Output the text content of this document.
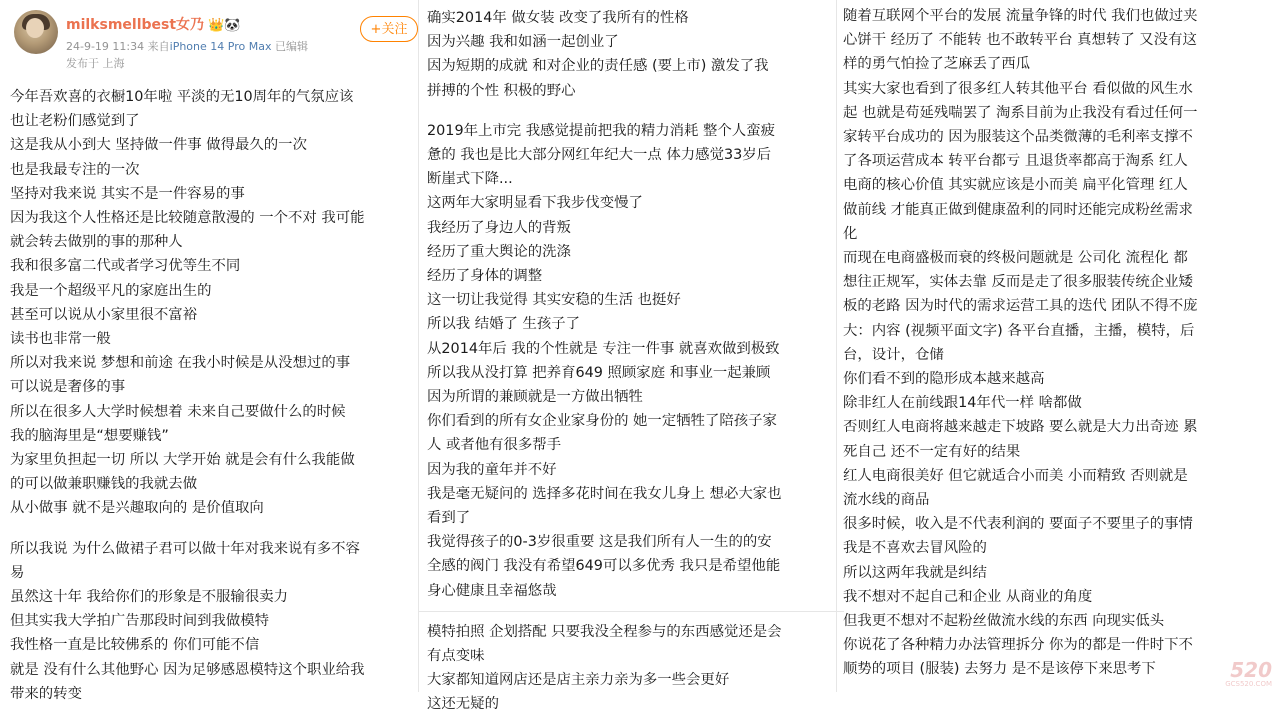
milksmellbest女乃 👑🐼
24-9-19 11:34 来自iPhone 14 Pro Max 已编辑
发布于 上海
+关注
今年吾欢喜的衣橱10年啦 平淡的无10周年的气氛应该
也让老粉们感觉到了
这是我从小到大 坚持做一件事 做得最久的一次
也是我最专注的一次
坚持对我来说 其实不是一件容易的事
因为我这个人性格还是比较随意散漫的 一个不对 我可能
就会转去做别的事的那种人
我和很多富二代或者学习优等生不同
我是一个超级平凡的家庭出生的
甚至可以说从小家里很不富裕
读书也非常一般
所以对我来说 梦想和前途 在我小时候是从没想过的事
可以说是奢侈的事
所以在很多人大学时候想着 未来自己要做什么的时候
我的脑海里是“想要赚钱”
为家里负担起一切 所以 大学开始 就是会有什么我能做
的可以做兼职赚钱的我就去做
从小做事 就不是兴趣取向的 是价值取向
所以我说 为什么做裙子君可以做十年对我来说有多不容
易
虽然这十年 我给你们的形象是不服输很卖力
但其实我大学拍广告那段时间到我做模特
我性格一直是比较佛系的 你们可能不信
就是 没有什么其他野心 因为足够感恩模特这个职业给我
带来的转变
确实2014年 做女装 改变了我所有的性格
因为兴趣 我和如涵一起创业了
因为短期的成就 和对企业的责任感 (要上市) 激发了我
拼搏的个性 积极的野心
2019年上市完 我感觉提前把我的精力消耗 整个人蛮疲
惫的 我也是比大部分网红年纪大一点 体力感觉33岁后
断崖式下降...
这两年大家明显看下我步伐变慢了
我经历了身边人的背叛
经历了重大舆论的洗涤
经历了身体的调整
这一切让我觉得 其实安稳的生活 也挺好
所以我 结婚了 生孩子了
从2014年后 我的个性就是 专注一件事 就喜欢做到极致
所以我从没打算 把养育649 照顾家庭 和事业一起兼顾
因为所谓的兼顾就是一方做出牺牲
你们看到的所有女企业家身份的 她一定牺牲了陪孩子家
人 或者他有很多帮手
因为我的童年并不好
我是毫无疑问的 选择多花时间在我女儿身上 想必大家也
看到了
我觉得孩子的0-3岁很重要 这是我们所有人一生的的安
全感的阀门 我没有希望649可以多优秀 我只是希望他能
身心健康且幸福悠哉
模特拍照 企划搭配 只要我没全程参与的东西感觉还是会
有点变味
大家都知道网店还是店主亲力亲为多一些会更好
这还无疑的
随着互联网个平台的发展 流量争锋的时代 我们也做过夹
心饼干 经历了 不能转 也不敢转平台 真想转了 又没有这
样的勇气怕捡了芝麻丢了西瓜
其实大家也看到了很多红人转其他平台 看似做的风生水
起 也就是苟延残喘罢了 淘系目前为止我没有看过任何一
家转平台成功的 因为服装这个品类微薄的毛利率支撑不
了各项运营成本 转平台都亏 且退货率都高于淘系 红人
电商的核心价值 其实就应该是小而美 扁平化管理 红人
做前线 才能真正做到健康盈利的同时还能完成粉丝需求
化
而现在电商盛极而衰的终极问题就是 公司化 流程化 都
想往正规军，实体去靠 反而是走了很多服装传统企业矮
板的老路 因为时代的需求运营工具的迭代 团队不得不庞
大：内容 (视频平面文字) 各平台直播，主播，模特，后
台，设计，仓储
你们看不到的隐形成本越来越高
除非红人在前线跟14年代一样 啥都做
否则红人电商将越来越走下坡路 要么就是大力出奇迹 累
死自己 还不一定有好的结果
红人电商很美好 但它就适合小而美 小而精致 否则就是
流水线的商品
很多时候，收入是不代表利润的 要面子不要里子的事情
我是不喜欢去冒风险的
所以这两年我就是纠结
我不想对不起自己和企业 从商业的角度
但我更不想对不起粉丝做流水线的东西 向现实低头
你说花了各种精力办法管理拆分 你为的都是一件时下不
顺势的项目 (服装) 去努力 是不是该停下来思考下	520
GCS520.COM
